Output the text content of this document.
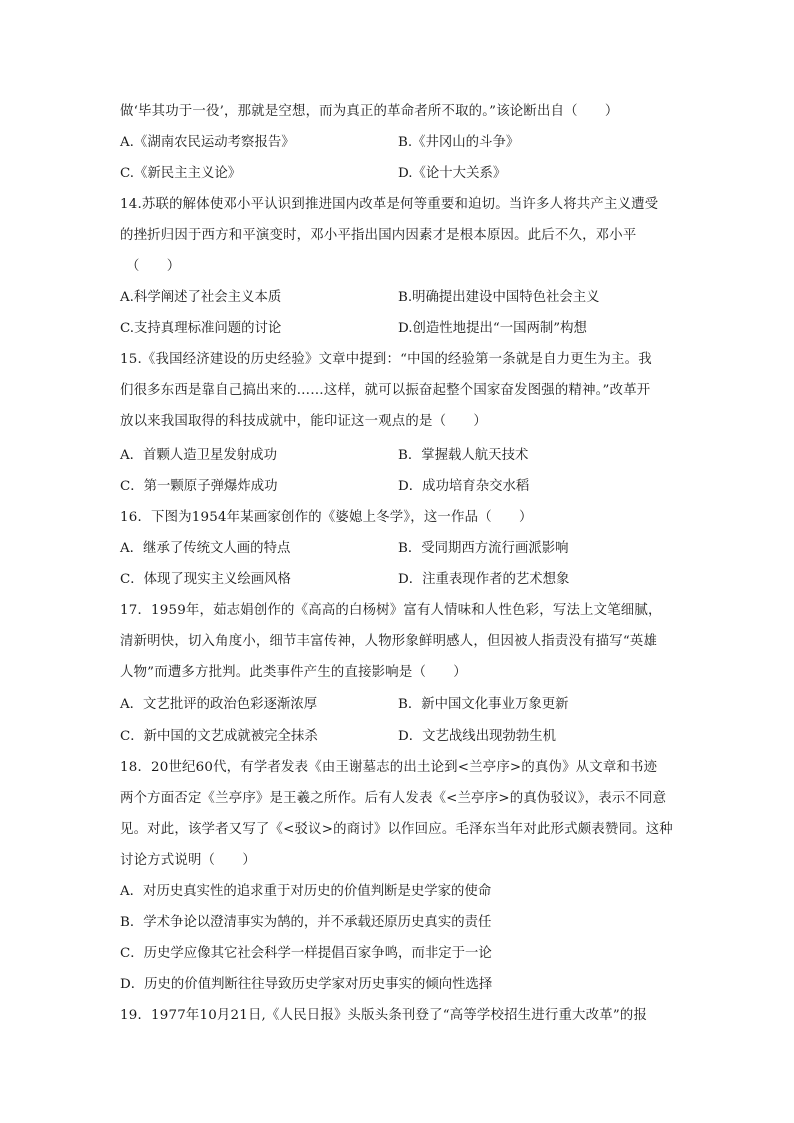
做‘毕其功于一役’，那就是空想，而为真正的革命者所不取的。”该论断出自（　　）
A.《湖南农民运动考察报告》	B.《井冈山的斗争》
C.《新民主主义论》	D.《论十大关系》
14.苏联的解体使邓小平认识到推进国内改革是何等重要和迫切。当许多人将共产主义遭受
的挫折归因于西方和平演变时，邓小平指出国内因素才是根本原因。此后不久，邓小平
（　　）
A.科学阐述了社会主义本质	B.明确提出建设中国特色社会主义
C.支持真理标准问题的讨论	D.创造性地提出“一国两制”构想
15.《我国经济建设的历史经验》文章中提到：“中国的经验第一条就是自力更生为主。我
们很多东西是靠自己搞出来的……这样，就可以振奋起整个国家奋发图强的精神。”改革开
放以来我国取得的科技成就中，能印证这一观点的是（　　）
A．首颗人造卫星发射成功	B．掌握载人航天技术
C．第一颗原子弹爆炸成功	D．成功培育杂交水稻
16．下图为1954年某画家创作的《婆媳上冬学》，这一作品（　　）
A．继承了传统文人画的特点	B．受同期西方流行画派影响
C．体现了现实主义绘画风格	D．注重表现作者的艺术想象
17．1959年，茹志娟创作的《高高的白杨树》富有人情味和人性色彩，写法上文笔细腻，
清新明快，切入角度小，细节丰富传神，人物形象鲜明感人，但因被人指责没有描写“英雄
人物”而遭多方批判。此类事件产生的直接影响是（　　）
A．文艺批评的政治色彩逐渐浓厚	B．新中国文化事业万象更新
C．新中国的文艺成就被完全抹杀	D．文艺战线出现勃勃生机
18．20世纪60代，有学者发表《由王谢墓志的出土论到<兰亭序>的真伪》从文章和书迹
两个方面否定《兰亭序》是王羲之所作。后有人发表《<兰亭序>的真伪驳议》，表示不同意
见。对此，该学者又写了《<驳议>的商讨》以作回应。毛泽东当年对此形式颇表赞同。这种
讨论方式说明（　　）
A．对历史真实性的追求重于对历史的价值判断是史学家的使命
B．学术争论以澄清事实为鹄的，并不承载还原历史真实的责任
C．历史学应像其它社会科学一样提倡百家争鸣，而非定于一论
D．历史的价值判断往往导致历史学家对历史事实的倾向性选择
19．1977年10月21日,《人民日报》头版头条刊登了“高等学校招生进行重大改革”的报
